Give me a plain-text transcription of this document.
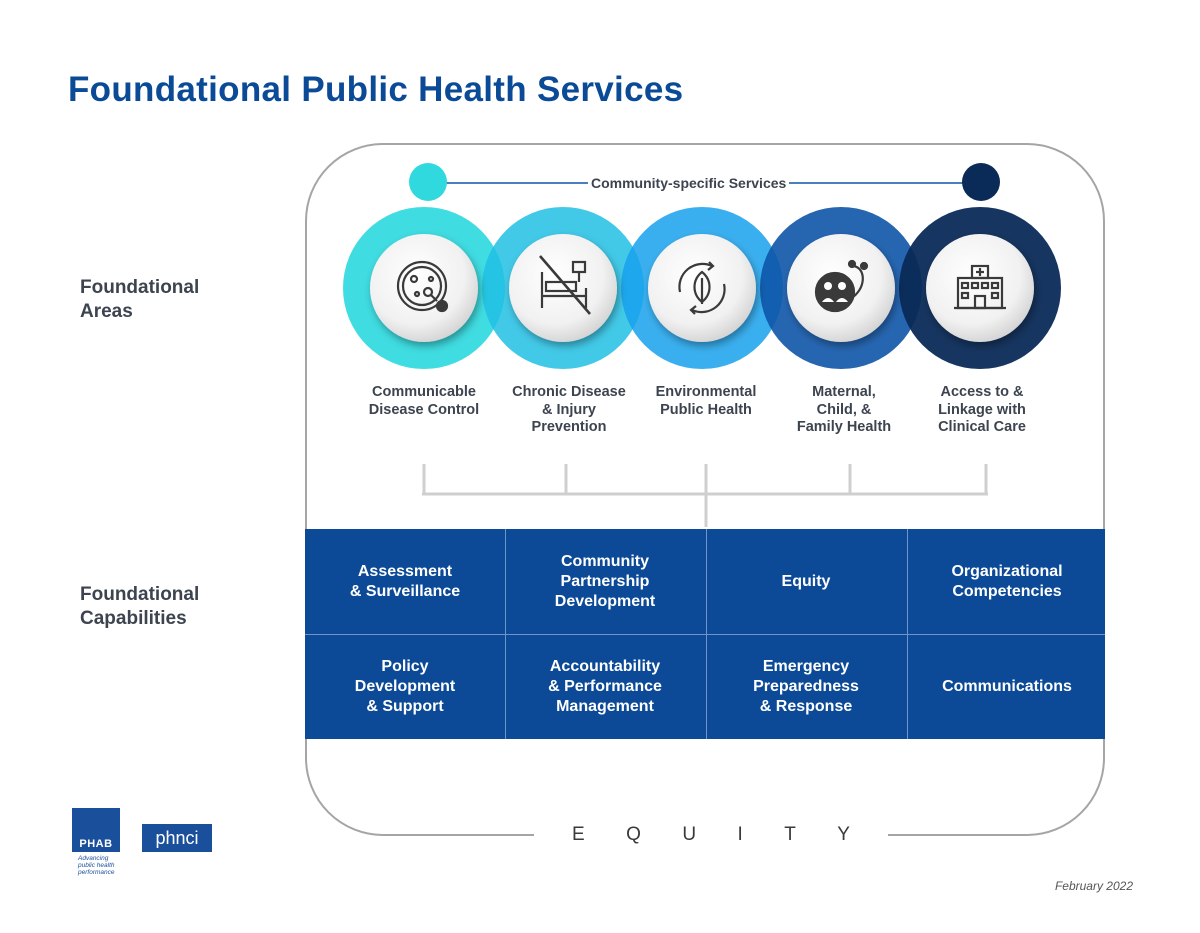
Foundational Public Health Services
Foundational
Areas
Foundational
Capabilities
E Q U I T Y
Community-specific Services
Communicable
Disease Control
Chronic Disease
& Injury
Prevention
Environmental
Public Health
Maternal,
Child, &
Family Health
Access to &
Linkage with
Clinical Care
Assessment
& Surveillance
Community
Partnership
Development
Equity
Organizational
Competencies
Policy
Development
& Support
Accountability
& Performance
Management
Emergency
Preparedness
& Response
Communications
PHAB
Advancing
public health
performance
phnci
February 2022
